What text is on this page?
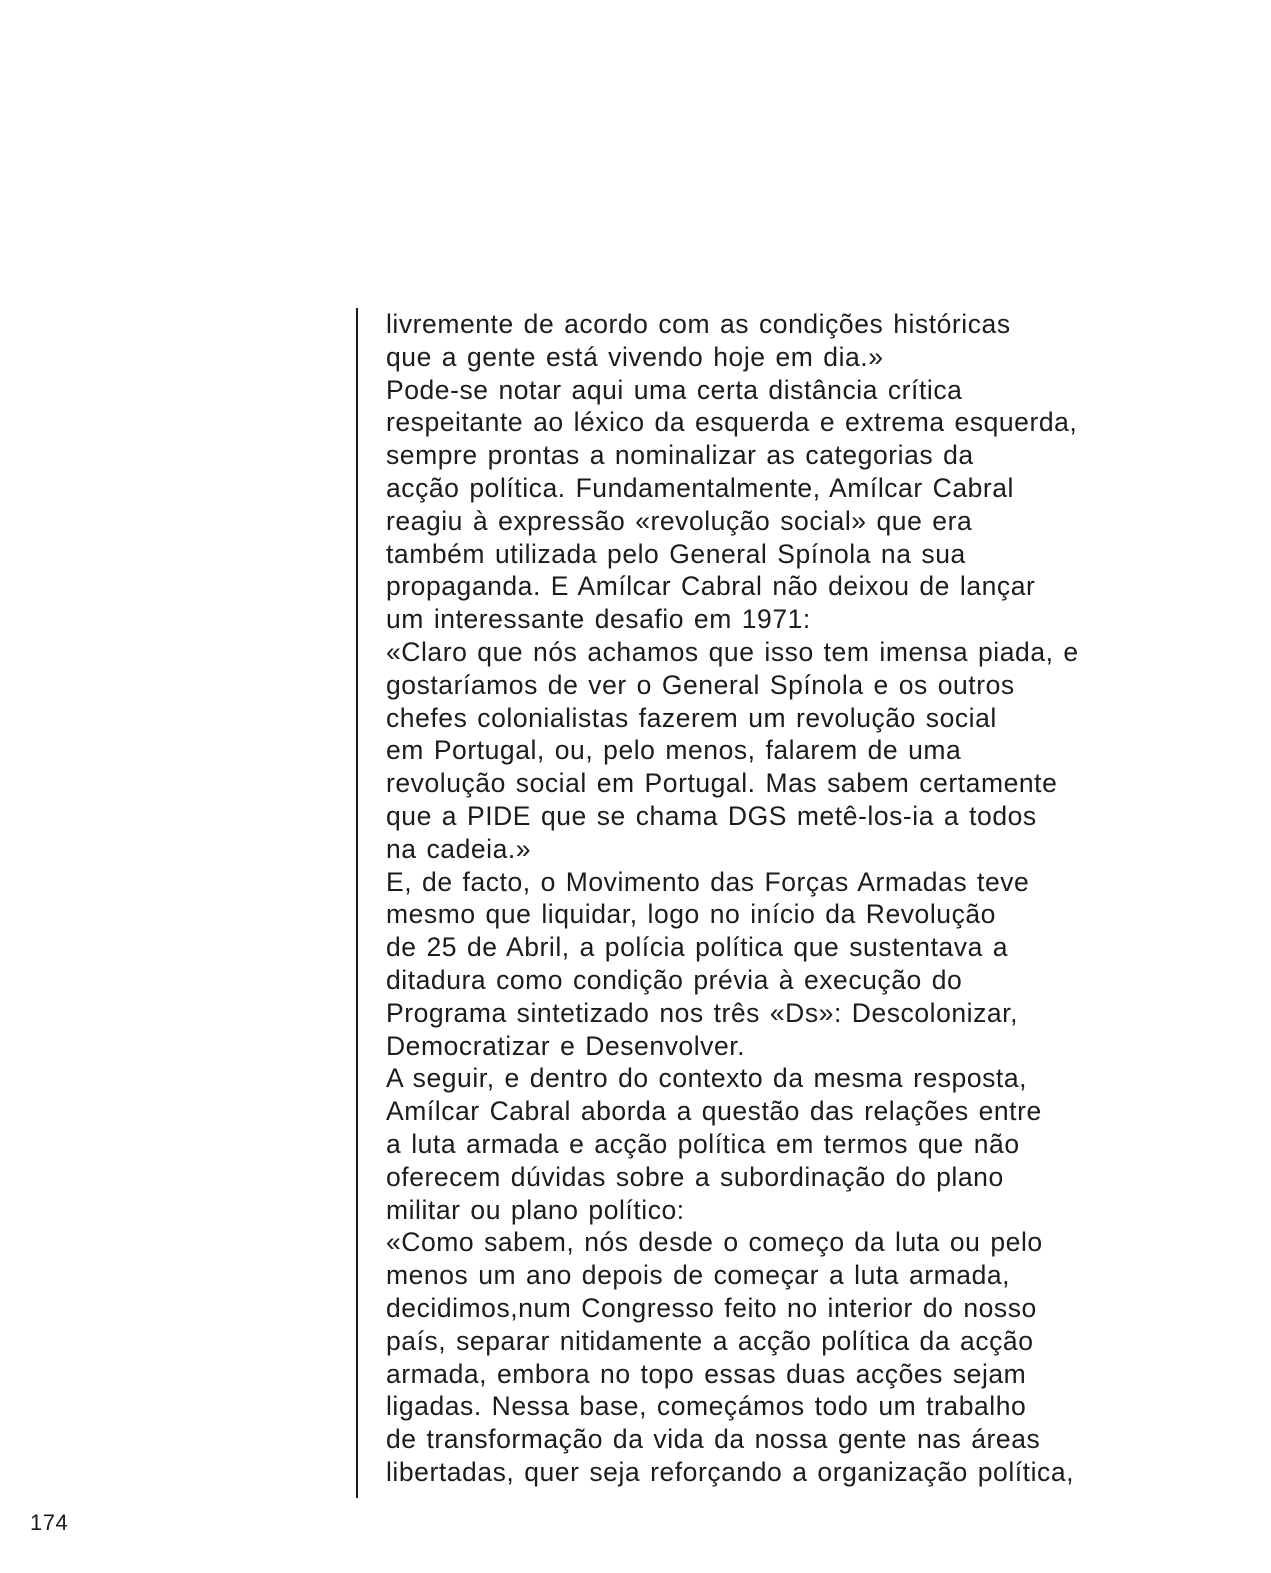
livremente de acordo com as condições históricas
que a gente está vivendo hoje em dia.»
Pode-se notar aqui uma certa distância crítica
respeitante ao léxico da esquerda e extrema esquerda,
sempre prontas a nominalizar as categorias da
acção política. Fundamentalmente, Amílcar Cabral
reagiu à expressão «revolução social» que era
também utilizada pelo General Spínola na sua
propaganda. E Amílcar Cabral não deixou de lançar
um interessante desafio em 1971:
«Claro que nós achamos que isso tem imensa piada, e
gostaríamos de ver o General Spínola e os outros
chefes colonialistas fazerem um revolução social
em Portugal, ou, pelo menos, falarem de uma
revolução social em Portugal. Mas sabem certamente
que a PIDE que se chama DGS metê-los-ia a todos
na cadeia.»
E, de facto, o Movimento das Forças Armadas teve
mesmo que liquidar, logo no início da Revolução
de 25 de Abril, a polícia política que sustentava a
ditadura como condição prévia à execução do
Programa sintetizado nos três «Ds»: Descolonizar,
Democratizar e Desenvolver.
A seguir, e dentro do contexto da mesma resposta,
Amílcar Cabral aborda a questão das relações entre
a luta armada e acção política em termos que não
oferecem dúvidas sobre a subordinação do plano
militar ou plano político:
«Como sabem, nós desde o começo da luta ou pelo
menos um ano depois de começar a luta armada,
decidimos,num Congresso feito no interior do nosso
país, separar nitidamente a acção política da acção
armada, embora no topo essas duas acções sejam
ligadas. Nessa base, começámos todo um trabalho
de transformação da vida da nossa gente nas áreas
libertadas, quer seja reforçando a organização política,
174
